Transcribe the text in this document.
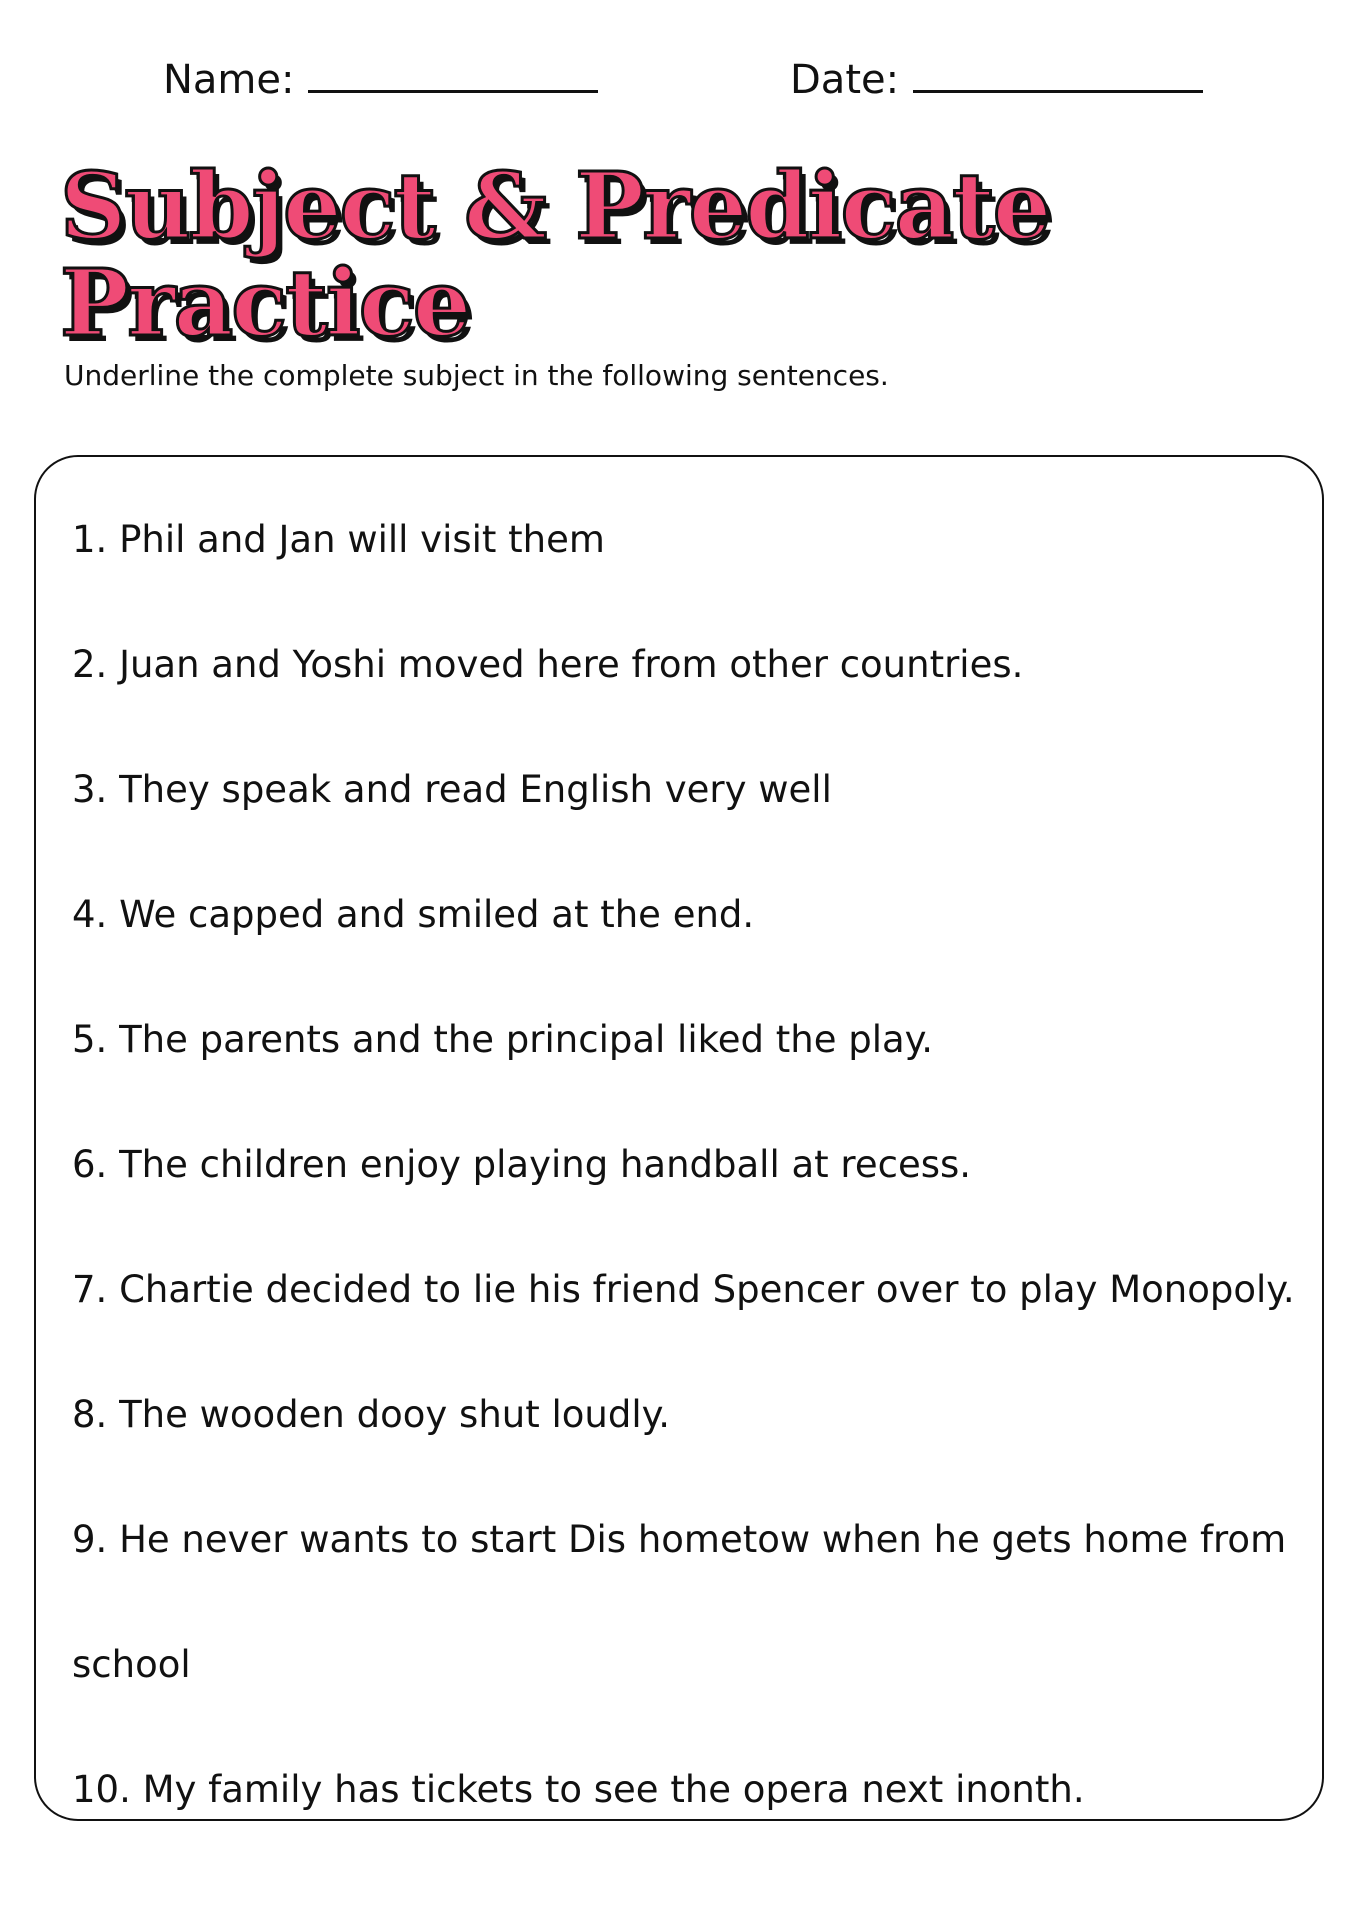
Name:	Date:
Subject & Predicate
Practice
Underline the complete subject in the following sentences.
1. Phil and Jan will visit them
2. Juan and Yoshi moved here from other countries.
3. They speak and read English very well
4. We capped and smiled at the end.
5. The parents and the principal liked the play.
6. The children enjoy playing handball at recess.
7. Chartie decided to lie his friend Spencer over to play Monopoly.
8. The wooden dooy shut loudly.
9. He never wants to start Dis hometow when he gets home from
school
10. My family has tickets to see the opera next inonth.
